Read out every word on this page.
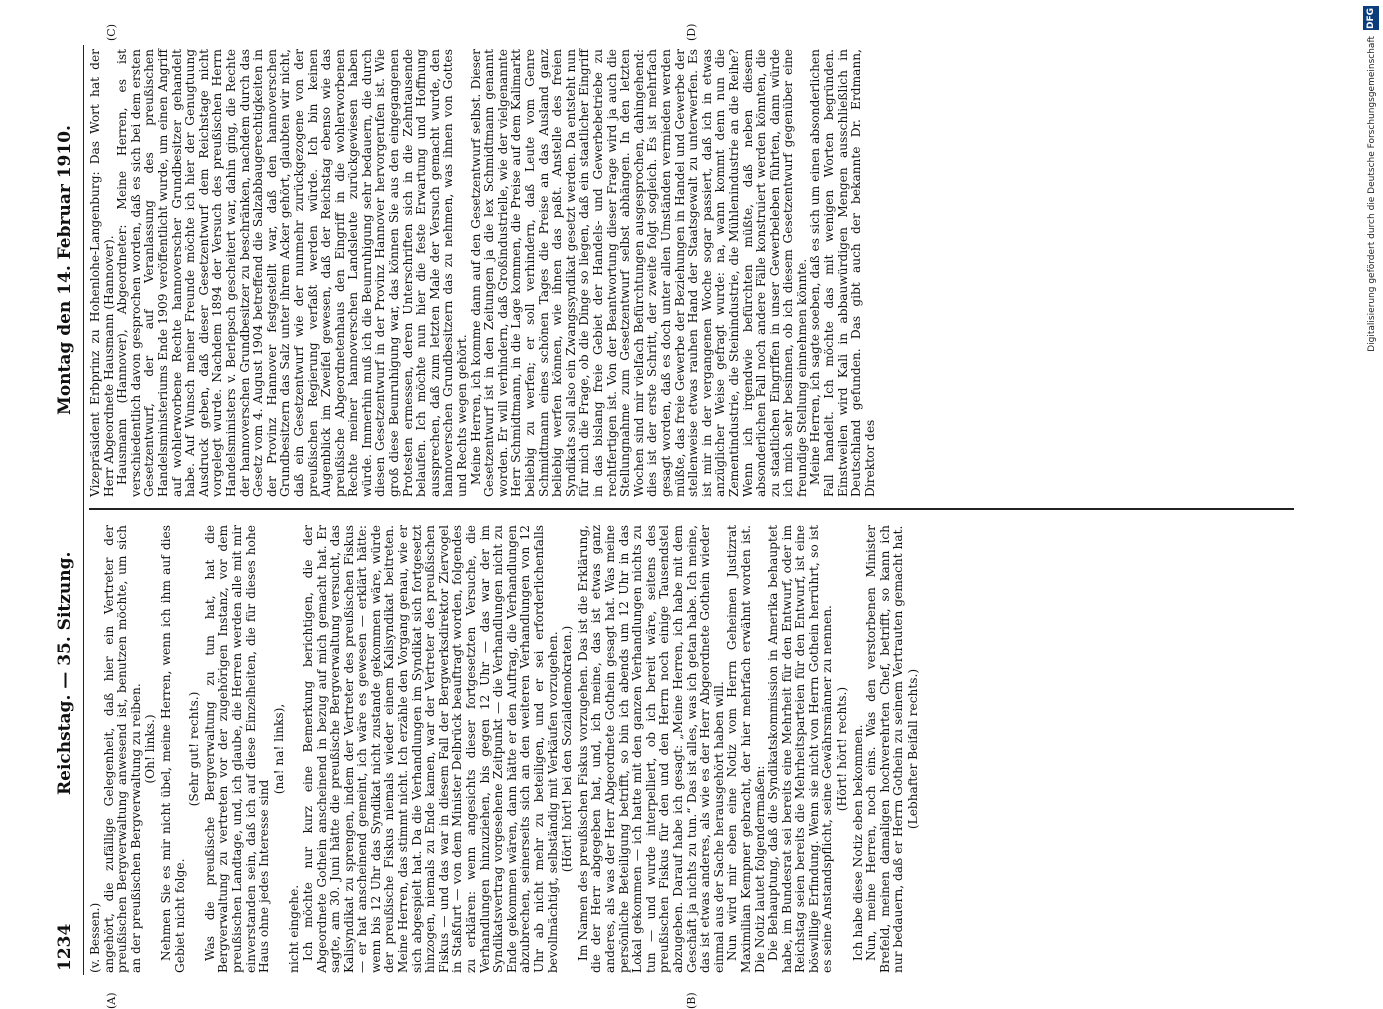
1234
Reichstag. — 35. Sitzung.
Montag den 14. Februar 1910.

(v. Bessen.) angehört, die zufällige Gelegenheit, daß hier ein Vertreter der preußischen Bergverwaltung anwesend ist, benutzen möchte, um sich an der preußischen Bergverwaltung zu reiben. (Oh! links.) Nehmen Sie es mir nicht übel, meine Herren, wenn ich ihm auf dies Gebiet nicht folge.

(Sehr gut! rechts.) Was die preußische Bergverwaltung zu tun hat, hat die Bergverwaltung zu vertreten vor der zugehörigen Instanz, vor dem preußischen Landtage, und, ich glaube, die Herren werden alle mit mir einverstanden sein, daß ich auf diese Einzelheiten, die für dieses hohe Haus ohne jedes Interesse sind

(na! na! links),

nicht eingehe. Ich möchte nur kurz eine Bemerkung berichtigen, die der Abgeordnete Gothein anscheinend in bezug auf mich gemacht hat. Er sagte, am 30. Juni hätte die preußische Bergverwaltung versucht, das Kalisyndikat zu sprengen, indem der Vertreter des preußischen Fiskus — er hat anscheinend gemeint, ich wäre es gewesen — erklärt hätte: wenn bis 12 Uhr das Syndikat nicht zustande gekommen wäre, würde der preußische Fiskus niemals wieder einem Kalisyndikat beitreten. Meine Herren, das stimmt nicht. Ich erzähle den Vorgang genau, wie er sich abgespielt hat. Da die Verhandlungen im Syndikat sich fortgesetzt hinzogen, niemals zu Ende kamen, war der Vertreter des preußischen Fiskus — und das war in diesem Fall der Bergwerksdirektor Ziervogel in Staßfurt — von dem Minister Delbrück beauftragt worden, folgendes zu erklären: wenn angesichts dieser fortgesetzten Versuche, die Verhandlungen hinzuziehen, bis gegen 12 Uhr — das war der im Syndikatsvertrag vorgesehene Zeitpunkt — die Verhandlungen nicht zu Ende gekommen wären, dann hätte er den Auftrag, die Verhandlungen abzubrechen, seinerseits sich an den weiteren Verhandlungen von 12 Uhr ab nicht mehr zu beteiligen, und er sei erforderlichenfalls bevollmächtigt, selbständig mit Verkäufen vorzugehen. (Hört! hört! bei den Sozialdemokraten.) Im Namen des preußischen Fiskus vorzugehen. Das ist die Erklärung, die der Herr abgegeben hat, und, ich meine, das ist etwas ganz anderes, als was der Herr Abgeordnete Gothein gesagt hat. Was meine persönliche Beteiligung betrifft, so bin ich abends um 12 Uhr in das Lokal gekommen — ich hatte mit den ganzen Verhandlungen nichts zu tun — und wurde interpelliert, ob ich bereit wäre, seitens des preußischen Fiskus für den und den Herrn noch einige Tausendstel abzugeben. Darauf habe ich gesagt: „Meine Herren, ich habe mit dem Geschäft ja nichts zu tun.“ Das ist alles, was ich getan habe. Ich meine, das ist etwas anderes, als wie es der Herr Abgeordnete Gothein wieder einmal aus der Sache herausgehört haben will. Nun wird mir eben eine Notiz vom Herrn Geheimen Justizrat Maximilian Kempner gebracht, der hier mehrfach erwähnt worden ist. Die Notiz lautet folgendermaßen: Die Behauptung, daß die Syndikatskommission in Amerika behauptet habe, im Bundesrat sei bereits eine Mehrheit für den Entwurf, oder im Reichstag seien bereits die Mehrheitsparteien für den Entwurf, ist eine böswillige Erfindung. Wenn sie nicht von Herrn Gothein herrührt, so ist es seine Anstandspflicht, seine Gewährsmänner zu nennen. (Hört! hört! rechts.) Ich habe diese Notiz eben bekommen. Nun, meine Herren, noch eins. Was den verstorbenen Minister Brefeld, meinen damaligen hochverehrten Chef, betrifft, so kann ich nur bedauern, daß er Herrn Gothein zu seinem Vertrauten gemacht hat. (Lebhafter Beifall rechts.)

Vizepräsident Erbprinz zu Hohenlohe-Langenburg: Das Wort hat der Herr Abgeordnete Hausmann (Hannover). Hausmann (Hannover), Abgeordneter: Meine Herren, es ist verschiedentlich davon gesprochen worden, daß es sich bei dem ersten Gesetzentwurf, der auf Veranlassung des preußischen Handelsministeriums Ende 1909 veröffentlicht wurde, um einen Angriff auf wohlerworbene Rechte hannoverscher Grundbesitzer gehandelt habe. Auf Wunsch meiner Freunde möchte ich hier der Genugtuung Ausdruck geben, daß dieser Gesetzentwurf dem Reichstage nicht vorgelegt wurde. Nachdem 1894 der Versuch des preußischen Herrn Handelsministers v. Berlepsch gescheitert war, dahin ging, die Rechte der hannoverschen Grundbesitzer zu beschränken, nachdem durch das Gesetz vom 4. August 1904 betreffend die Salzabbaugerechtigkeiten in der Provinz Hannover festgestellt war, daß den hannoverschen Grundbesitzern das Salz unter ihrem Acker gehört, glaubten wir nicht, daß ein Gesetzentwurf wie der nunmehr zurückgezogene von der preußischen Regierung verfaßt werden würde. Ich bin keinen Augenblick im Zweifel gewesen, daß der Reichstag ebenso wie das preußische Abgeordnetenhaus den Eingriff in die wohlerworbenen Rechte meiner hannoverschen Landsleute zurückgewiesen haben würde. Immerhin muß ich die Beunruhigung sehr bedauern, die durch diesen Gesetzentwurf in der Provinz Hannover hervorgerufen ist. Wie groß diese Beunruhigung war, das können Sie aus den eingegangenen Protesten ermessen, deren Unterschriften sich in die Zehntausende belaufen. Ich möchte nun hier die feste Erwartung und Hoffnung aussprechen, daß zum letzten Male der Versuch gemacht wurde, den hannoverschen Grundbesitzern das zu nehmen, was ihnen von Gottes und Rechts wegen gehört. Meine Herren, ich komme dann auf den Gesetzentwurf selbst. Dieser Gesetzentwurf ist in den Zeitungen ja die lex Schmidtmann genannt worden. Er will verhindern, daß Großindustrielle, wie der vielgenannte Herr Schmidtmann, in die Lage kommen, die Preise auf dem Kalimarkt beliebig zu werfen; er soll verhindern, daß Leute vom Genre Schmidtmann eines schönen Tages die Preise an das Ausland ganz beliebig werfen können, wie ihnen das paßt. Anstelle des freien Syndikats soll also ein Zwangssyndikat gesetzt werden. Da entsteht nun für mich die Frage, ob die Dinge so liegen, daß ein staatlicher Eingriff in das bislang freie Gebiet der Handels- und Gewerbebetriebe zu rechtfertigen ist. Von der Beantwortung dieser Frage wird ja auch die Stellungnahme zum Gesetzentwurf selbst abhängen. In den letzten Wochen sind mir vielfach Befürchtungen ausgesprochen, dahingehend: dies ist der erste Schritt, der zweite folgt sogleich. Es ist mehrfach gesagt worden, daß es doch unter allen Umständen vermieden werden müßte, das freie Gewerbe der Beziehungen in Handel und Gewerbe der stellenweise etwas rauhen Hand der Staatsgewalt zu unterwerfen. Es ist mir in der vergangenen Woche sogar passiert, daß ich in etwas anzüglicher Weise gefragt wurde: na, wann kommt denn nun die Zementindustrie, die Steinindustrie, die Mühlenindustrie an die Reihe? Wenn ich irgendwie befürchten müßte, daß neben diesem absonderlichen Fall noch andere Fälle konstruiert werden könnten, die zu staatlichen Eingriffen in unser Gewerbeleben führten, dann würde ich mich sehr besinnen, ob ich diesem Gesetzentwurf gegenüber eine freundige Stellung einnehmen könnte. Meine Herren, ich sagte soeben, daß es sich um einen absonderlichen Fall handelt. Ich möchte das mit wenigen Worten begründen. Einstweilen wird Kali in abbauwürdigen Mengen ausschließlich in Deutschland gefunden. Das gibt auch der bekannte Dr. Erdmann, Direktor des

(A)	(B)
(C)	(D)
DFG
Digitalisierung gefördert durch die Deutsche Forschungsgemeinschaft
